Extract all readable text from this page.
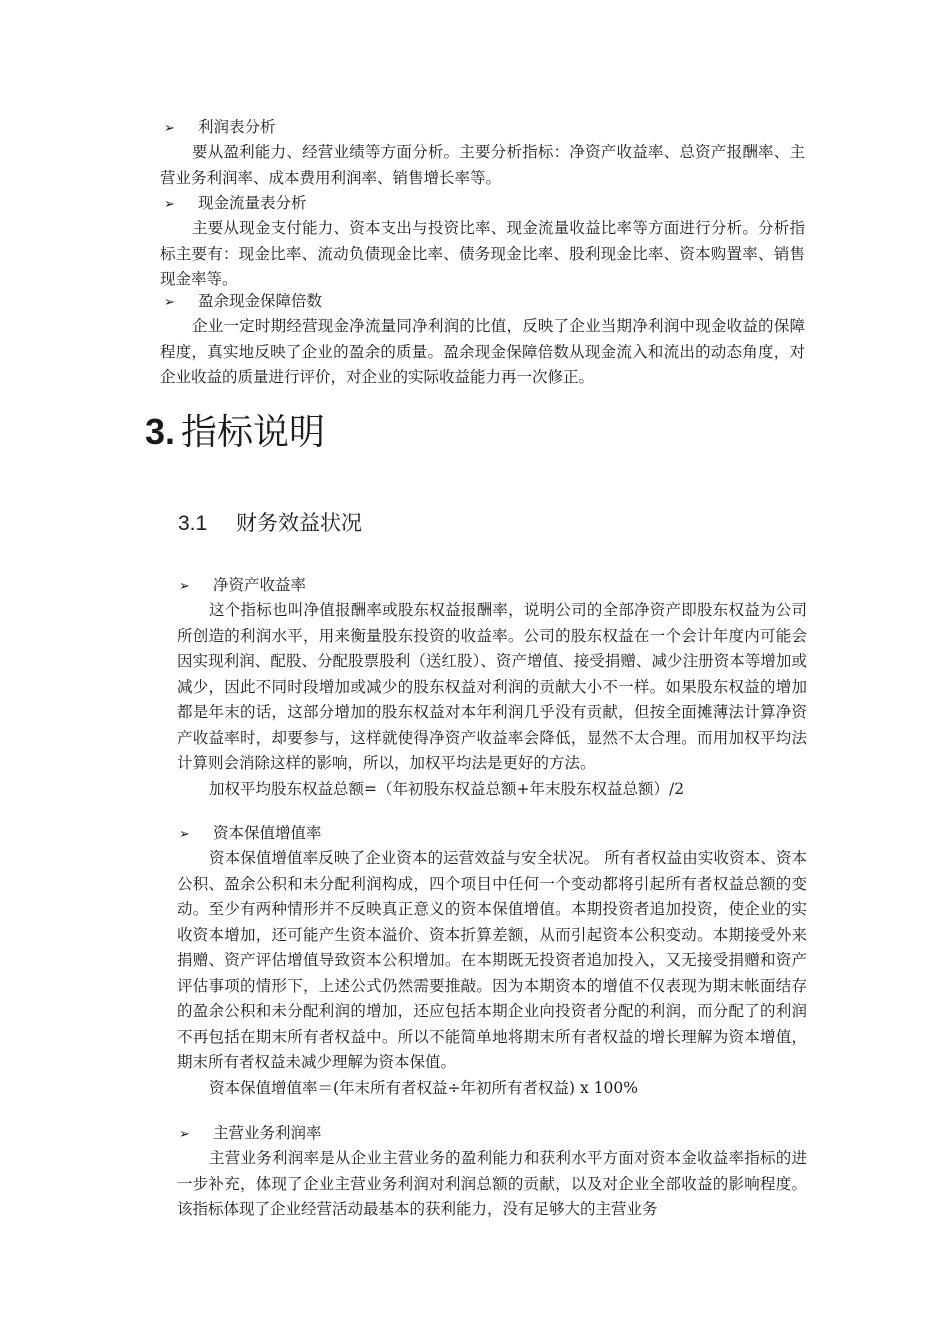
➢ 利润表分析
要从盈利能力、经营业绩等方面分析。主要分析指标：净资产收益率、总资产报酬率、主营业务利润率、成本费用利润率、销售增长率等。
➢ 现金流量表分析
主要从现金支付能力、资本支出与投资比率、现金流量收益比率等方面进行分析。分析指标主要有：现金比率、流动负债现金比率、债务现金比率、股利现金比率、资本购置率、销售现金率等。
➢ 盈余现金保障倍数
企业一定时期经营现金净流量同净利润的比值，反映了企业当期净利润中现金收益的保障程度，真实地反映了企业的盈余的质量。盈余现金保障倍数从现金流入和流出的动态角度，对企业收益的质量进行评价，对企业的实际收益能力再一次修正。
3. 指标说明
3.1 财务效益状况
➢ 净资产收益率
这个指标也叫净值报酬率或股东权益报酬率，说明公司的全部净资产即股东权益为公司所创造的利润水平，用来衡量股东投资的收益率。公司的股东权益在一个会计年度内可能会因实现利润、配股、分配股票股利（送红股）、资产增值、接受捐赠、减少注册资本等增加或减少，因此不同时段增加或减少的股东权益对利润的贡献大小不一样。如果股东权益的增加都是年末的话，这部分增加的股东权益对本年利润几乎没有贡献，但按全面摊薄法计算净资产收益率时，却要参与，这样就使得净资产收益率会降低，显然不太合理。而用加权平均法计算则会消除这样的影响，所以，加权平均法是更好的方法。
加权平均股东权益总额=（年初股东权益总额+年末股东权益总额）/2
➢ 资本保值增值率
资本保值增值率反映了企业资本的运营效益与安全状况。 所有者权益由实收资本、资本公积、盈余公积和未分配利润构成，四个项目中任何一个变动都将引起所有者权益总额的变动。至少有两种情形并不反映真正意义的资本保值增值。本期投资者追加投资，使企业的实收资本增加，还可能产生资本溢价、资本折算差额，从而引起资本公积变动。本期接受外来捐赠、资产评估增值导致资本公积增加。在本期既无投资者追加投入，又无接受捐赠和资产评估事项的情形下，上述公式仍然需要推敲。因为本期资本的增值不仅表现为期末帐面结存的盈余公积和未分配利润的增加，还应包括本期企业向投资者分配的利润，而分配了的利润不再包括在期末所有者权益中。所以不能简单地将期末所有者权益的增长理解为资本增值，期末所有者权益未减少理解为资本保值。
资本保值增值率＝(年末所有者权益÷年初所有者权益) x 100%
➢ 主营业务利润率
主营业务利润率是从企业主营业务的盈利能力和获利水平方面对资本金收益率指标的进一步补充，体现了企业主营业务利润对利润总额的贡献，以及对企业全部收益的影响程度。该指标体现了企业经营活动最基本的获利能力，没有足够大的主营业务
